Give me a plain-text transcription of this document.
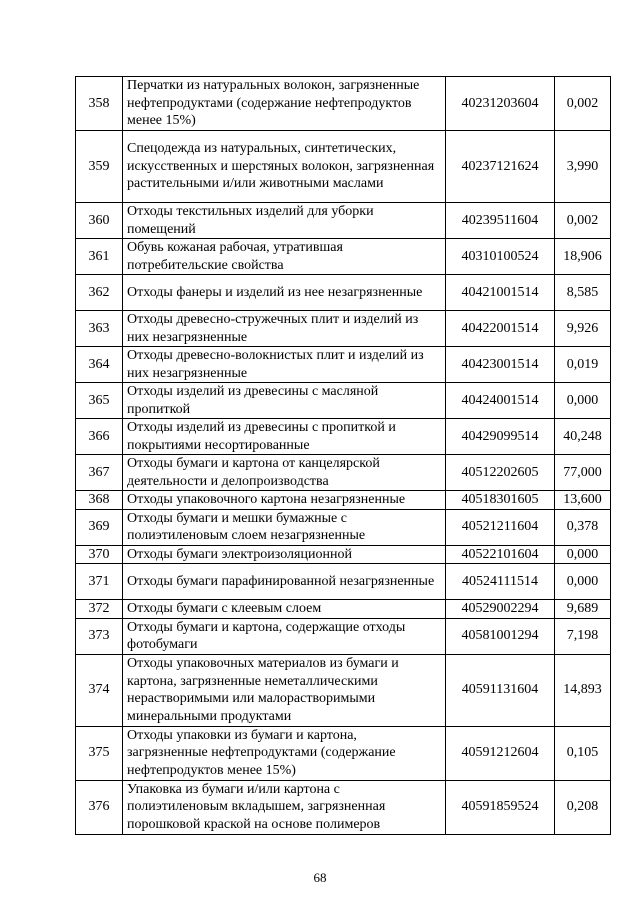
358	Перчатки из натуральных волокон, загрязненные нефтепродуктами (содержание нефтепродуктов менее 15%)	40231203604	0,002
359	Спецодежда из натуральных, синтетических, искусственных и шерстяных волокон, загрязненная растительными и/или животными маслами	40237121624	3,990
360	Отходы текстильных изделий для уборки помещений	40239511604	0,002
361	Обувь кожаная рабочая, утратившая потребительские свойства	40310100524	18,906
362	Отходы фанеры и изделий из нее незагрязненные	40421001514	8,585
363	Отходы древесно-стружечных плит и изделий из них незагрязненные	40422001514	9,926
364	Отходы древесно-волокнистых плит и изделий из них незагрязненные	40423001514	0,019
365	Отходы изделий из древесины с масляной пропиткой	40424001514	0,000
366	Отходы изделий из древесины с пропиткой и покрытиями несортированные	40429099514	40,248
367	Отходы бумаги и картона от канцелярской деятельности и делопроизводства	40512202605	77,000
368	Отходы упаковочного картона незагрязненные	40518301605	13,600
369	Отходы бумаги и мешки бумажные с полиэтиленовым слоем незагрязненные	40521211604	0,378
370	Отходы бумаги электроизоляционной	40522101604	0,000
371	Отходы бумаги парафинированной незагрязненные	40524111514	0,000
372	Отходы бумаги с клеевым слоем	40529002294	9,689
373	Отходы бумаги и картона, содержащие отходы фотобумаги	40581001294	7,198
374	Отходы упаковочных материалов из бумаги и картона, загрязненные неметаллическими нерастворимыми или малорастворимыми минеральными продуктами	40591131604	14,893
375	Отходы упаковки из бумаги и картона, загрязненные нефтепродуктами (содержание нефтепродуктов менее 15%)	40591212604	0,105
376	Упаковка из бумаги и/или картона с полиэтиленовым вкладышем, загрязненная порошковой краской на основе полимеров	40591859524	0,208
68
